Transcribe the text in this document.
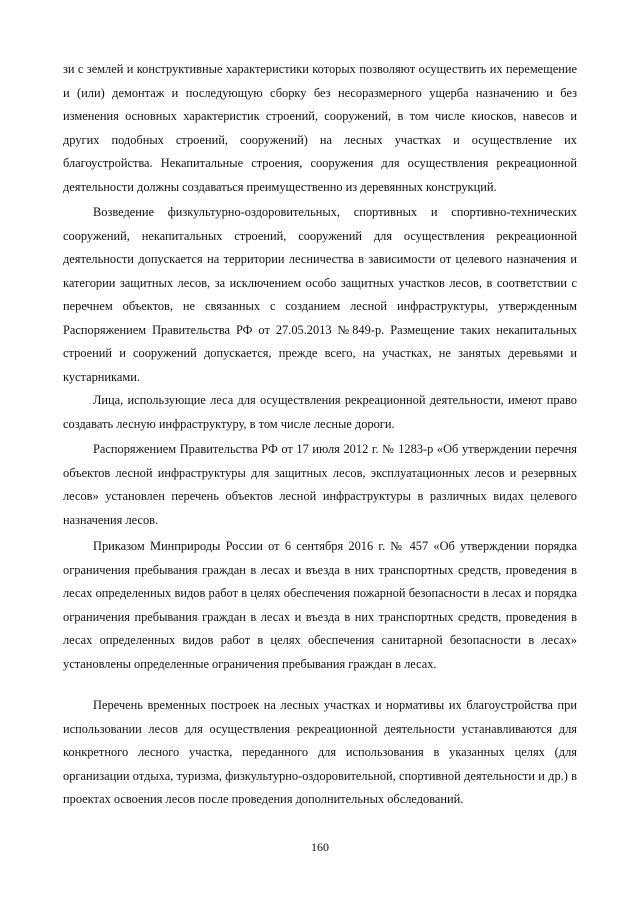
зи с землей и конструктивные характеристики которых позволяют осуществить их перемещение и (или) демонтаж и последующую сборку без несоразмерного ущерба назначению и без изменения основных характеристик строений, сооружений, в том числе киосков, навесов и других подобных строений, сооружений) на лесных участках и осуществление их благоустройства. Некапитальные строения, сооружения для осуществления рекреационной деятельности должны создаваться преимущественно из деревянных конструкций.

Возведение физкультурно-оздоровительных, спортивных и спортивно-технических сооружений, некапитальных строений, сооружений для осуществления рекреационной деятельности допускается на территории лесничества в зависимости от целевого назначения и категории защитных лесов, за исключением особо защитных участков лесов, в соответствии с перечнем объектов, не связанных с созданием лесной инфраструктуры, утвержденным Распоряжением Правительства РФ от 27.05.2013 №849-р. Размещение таких некапитальных строений и сооружений допускается, прежде всего, на участках, не занятых деревьями и кустарниками.

Лица, использующие леса для осуществления рекреационной деятельности, имеют право создавать лесную инфраструктуру, в том числе лесные дороги.

Распоряжением Правительства РФ от 17 июля 2012 г. № 1283-р «Об утверждении перечня объектов лесной инфраструктуры для защитных лесов, эксплуатационных лесов и резервных лесов» установлен перечень объектов лесной инфраструктуры в различных видах целевого назначения лесов.

Приказом Минприроды России от 6 сентября 2016 г. № 457 «Об утверждении порядка ограничения пребывания граждан в лесах и въезда в них транспортных средств, проведения в лесах определенных видов работ в целях обеспечения пожарной безопасности в лесах и порядка ограничения пребывания граждан в лесах и въезда в них транспортных средств, проведения в лесах определенных видов работ в целях обеспечения санитарной безопасности в лесах» установлены определенные ограничения пребывания граждан в лесах.

Перечень временных построек на лесных участках и нормативы их благоустройства при использовании лесов для осуществления рекреационной деятельности устанавливаются для конкретного лесного участка, переданного для использования в указанных целях (для организации отдыха, туризма, физкультурно-оздоровительной, спортивной деятельности и др.) в проектах освоения лесов после проведения дополнительных обследований.

160
